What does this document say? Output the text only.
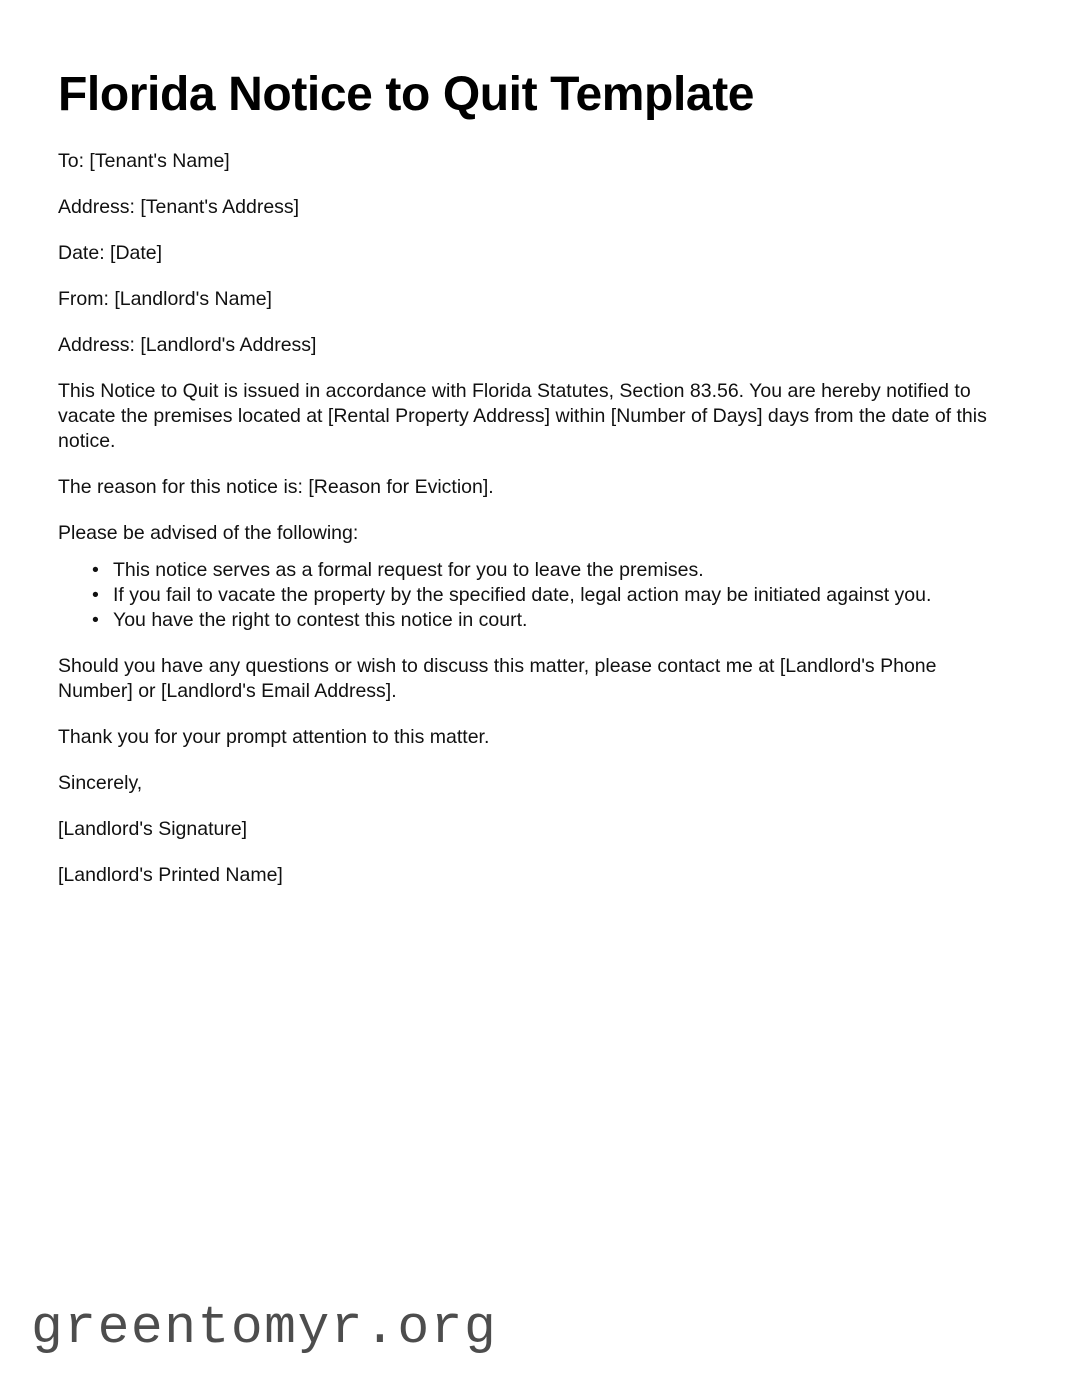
Florida Notice to Quit Template

To: [Tenant's Name]

Address: [Tenant's Address]

Date: [Date]

From: [Landlord's Name]

Address: [Landlord's Address]

This Notice to Quit is issued in accordance with Florida Statutes, Section 83.56. You are hereby notified to vacate the premises located at [Rental Property Address] within [Number of Days] days from the date of this notice.

The reason for this notice is: [Reason for Eviction].

Please be advised of the following:

• This notice serves as a formal request for you to leave the premises.
• If you fail to vacate the property by the specified date, legal action may be initiated against you.
• You have the right to contest this notice in court.

Should you have any questions or wish to discuss this matter, please contact me at [Landlord's Phone Number] or [Landlord's Email Address].

Thank you for your prompt attention to this matter.

Sincerely,

[Landlord's Signature]

[Landlord's Printed Name]

greentomyr.org
